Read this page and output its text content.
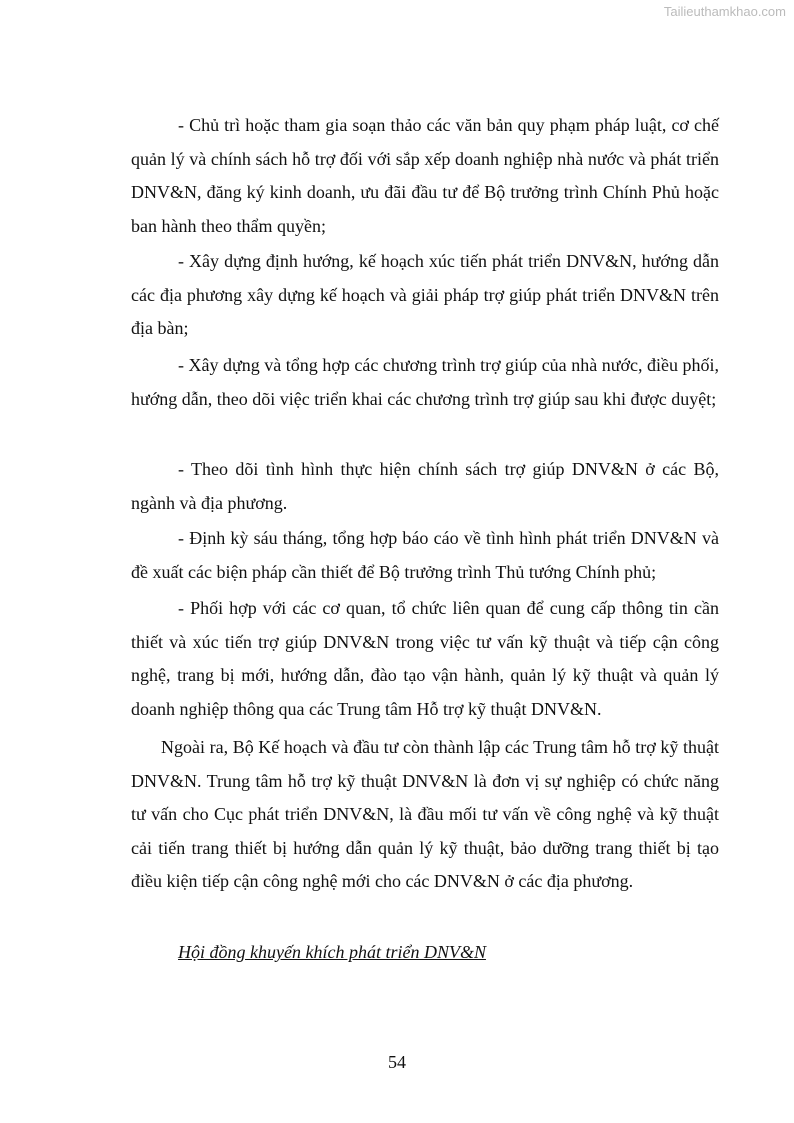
Tailieuthamkhao.com

- Chủ trì hoặc tham gia soạn thảo các văn bản quy phạm pháp luật, cơ chế quản lý và chính sách hỗ trợ đối với sắp xếp doanh nghiệp nhà nước và phát triển DNV&N, đăng ký kinh doanh, ưu đãi đầu tư để Bộ trưởng trình Chính Phủ hoặc ban hành theo thẩm quyền;

- Xây dựng định hướng, kế hoạch xúc tiến phát triển DNV&N, hướng dẫn các địa phương xây dựng kế hoạch và giải pháp trợ giúp phát triển DNV&N trên địa bàn;

- Xây dựng và tổng hợp các chương trình trợ giúp của nhà nước, điều phối, hướng dẫn, theo dõi việc triển khai các chương trình trợ giúp sau khi được duyệt;

- Theo dõi tình hình thực hiện chính sách trợ giúp DNV&N ở các Bộ, ngành và địa phương.

- Định kỳ sáu tháng, tổng hợp báo cáo về tình hình phát triển DNV&N và đề xuất các biện pháp cần thiết để Bộ trưởng trình Thủ tướng Chính phủ;

- Phối hợp với các cơ quan, tổ chức liên quan để cung cấp thông tin cần thiết và xúc tiến trợ giúp DNV&N trong việc tư vấn kỹ thuật và tiếp cận công nghệ, trang bị mới, hướng dẫn, đào tạo vận hành, quản lý kỹ thuật và quản lý doanh nghiệp thông qua các Trung tâm Hỗ trợ kỹ thuật DNV&N.

Ngoài ra, Bộ Kế hoạch và đầu tư còn thành lập các Trung tâm hỗ trợ kỹ thuật DNV&N. Trung tâm hỗ trợ kỹ thuật DNV&N là đơn vị sự nghiệp có chức năng tư vấn cho Cục phát triển DNV&N, là đầu mối tư vấn về công nghệ và kỹ thuật cải tiến trang thiết bị hướng dẫn quản lý kỹ thuật, bảo dưỡng trang thiết bị tạo điều kiện tiếp cận công nghệ mới cho các DNV&N ở các địa phương.

Hội đồng khuyến khích phát triển DNV&N

54
